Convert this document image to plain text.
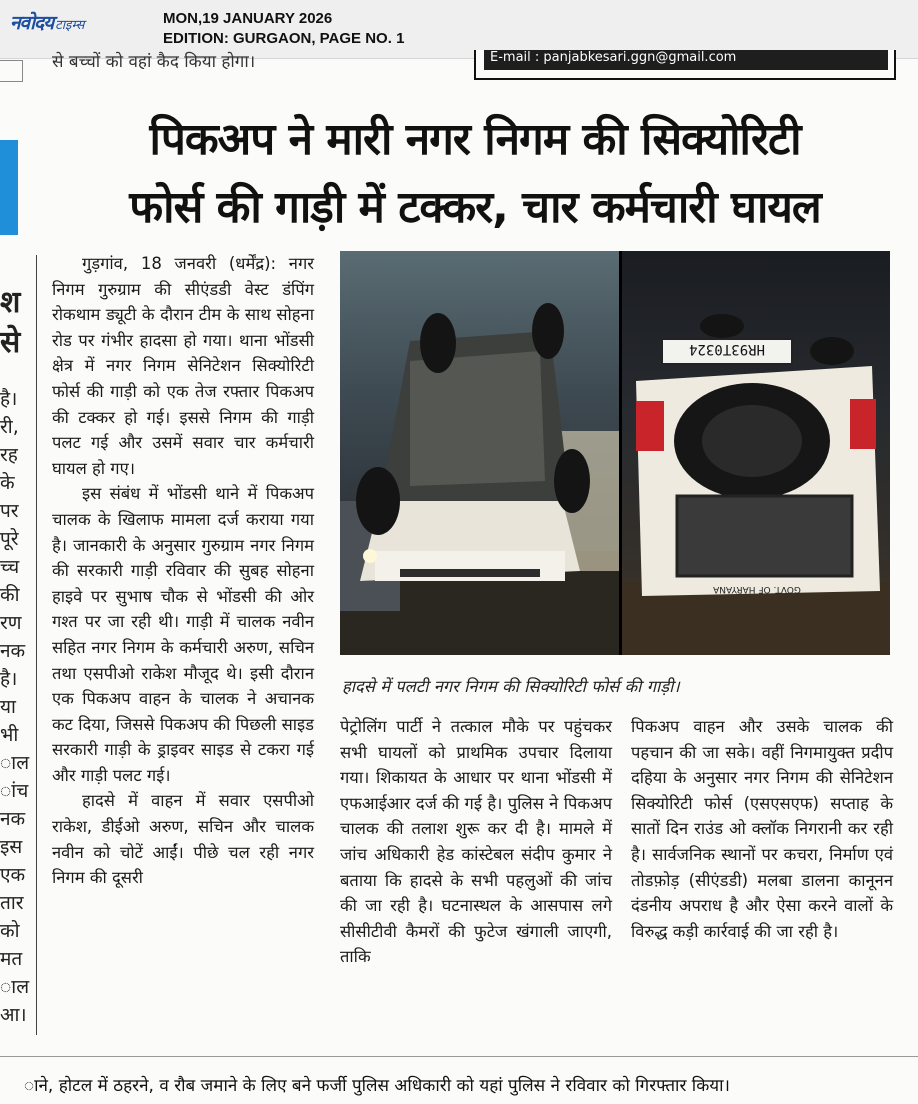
नवोदय टाइम्स	MON,19 JANUARY 2026
EDITION: GURGAON, PAGE NO. 1
से बच्चों को वहां कैद किया होगा।	E-mail : panjabkesari.ggn@gmail.com
श
से
है।
री,
रह
के
पर
पूरे
च्च
की
रण
नक
है।
या
भी
ाल
ांच
नक
इस
एक
तार
को
मत
ाल
आ।
पिकअप ने मारी नगर निगम की सिक्योरिटी
फोर्स की गाड़ी में टक्कर, चार कर्मचारी घायल

गुड़गांव, 18 जनवरी (धर्मेंद्र): नगर निगम गुरुग्राम की सीएंडडी वेस्ट डंपिंग रोकथाम ड्यूटी के दौरान टीम के साथ सोहना रोड पर गंभीर हादसा हो गया। थाना भोंडसी क्षेत्र में नगर निगम सेनिटेशन सिक्योरिटी फोर्स की गाड़ी को एक तेज रफ्तार पिकअप की टक्कर हो गई। इससे निगम की गाड़ी पलट गई और उसमें सवार चार कर्मचारी घायल हो गए।

इस संबंध में भोंडसी थाने में पिकअप चालक के खिलाफ मामला दर्ज कराया गया है। जानकारी के अनुसार गुरुग्राम नगर निगम की सरकारी गाड़ी रविवार की सुबह सोहना हाइवे पर सुभाष चौक से भोंडसी की ओर गश्त पर जा रही थी। गाड़ी में चालक नवीन सहित नगर निगम के कर्मचारी अरुण, सचिन तथा एसपीओ राकेश मौजूद थे। इसी दौरान एक पिकअप वाहन के चालक ने अचानक कट दिया, जिससे पिकअप की पिछली साइड सरकारी गाड़ी के ड्राइवर साइड से टकरा गई और गाड़ी पलट गई।

हादसे में वाहन में सवार एसपीओ राकेश, डीईओ अरुण, सचिन और चालक नवीन को चोटें आईं। पीछे चल रही नगर निगम की दूसरी

HR93T0324
GOVT. OF HARYANA
हादसे में पलटी नगर निगम की सिक्योरिटी फोर्स की गाड़ी।

पेट्रोलिंग पार्टी ने तत्काल मौके पर पहुंचकर सभी घायलों को प्राथमिक उपचार दिलाया गया। शिकायत के आधार पर थाना भोंडसी में एफआईआर दर्ज की गई है। पुलिस ने पिकअप चालक की तलाश शुरू कर दी है। मामले में जांच अधिकारी हेड कांस्टेबल संदीप कुमार ने बताया कि हादसे के सभी पहलुओं की जांच की जा रही है। घटनास्थल के आसपास लगे सीसीटीवी कैमरों की फुटेज खंगाली जाएगी, ताकि

पिकअप वाहन और उसके चालक की पहचान की जा सके। वहीं निगमायुक्त प्रदीप दहिया के अनुसार नगर निगम की सेनिटेशन सिक्योरिटी फोर्स (एसएसएफ) सप्ताह के सातों दिन राउंड ओ क्लॉक निगरानी कर रही है। सार्वजनिक स्थानों पर कचरा, निर्माण एवं तोडफ़ोड़ (सीएंडडी) मलबा डालना कानूनन दंडनीय अपराध है और ऐसा करने वालों के विरुद्ध कड़ी कार्रवाई की जा रही है।

ाने, होटल में ठहरने, व रौब जमाने के लिए बने फर्जी पुलिस अधिकारी को यहां पुलिस ने रविवार को गिरफ्तार किया।
